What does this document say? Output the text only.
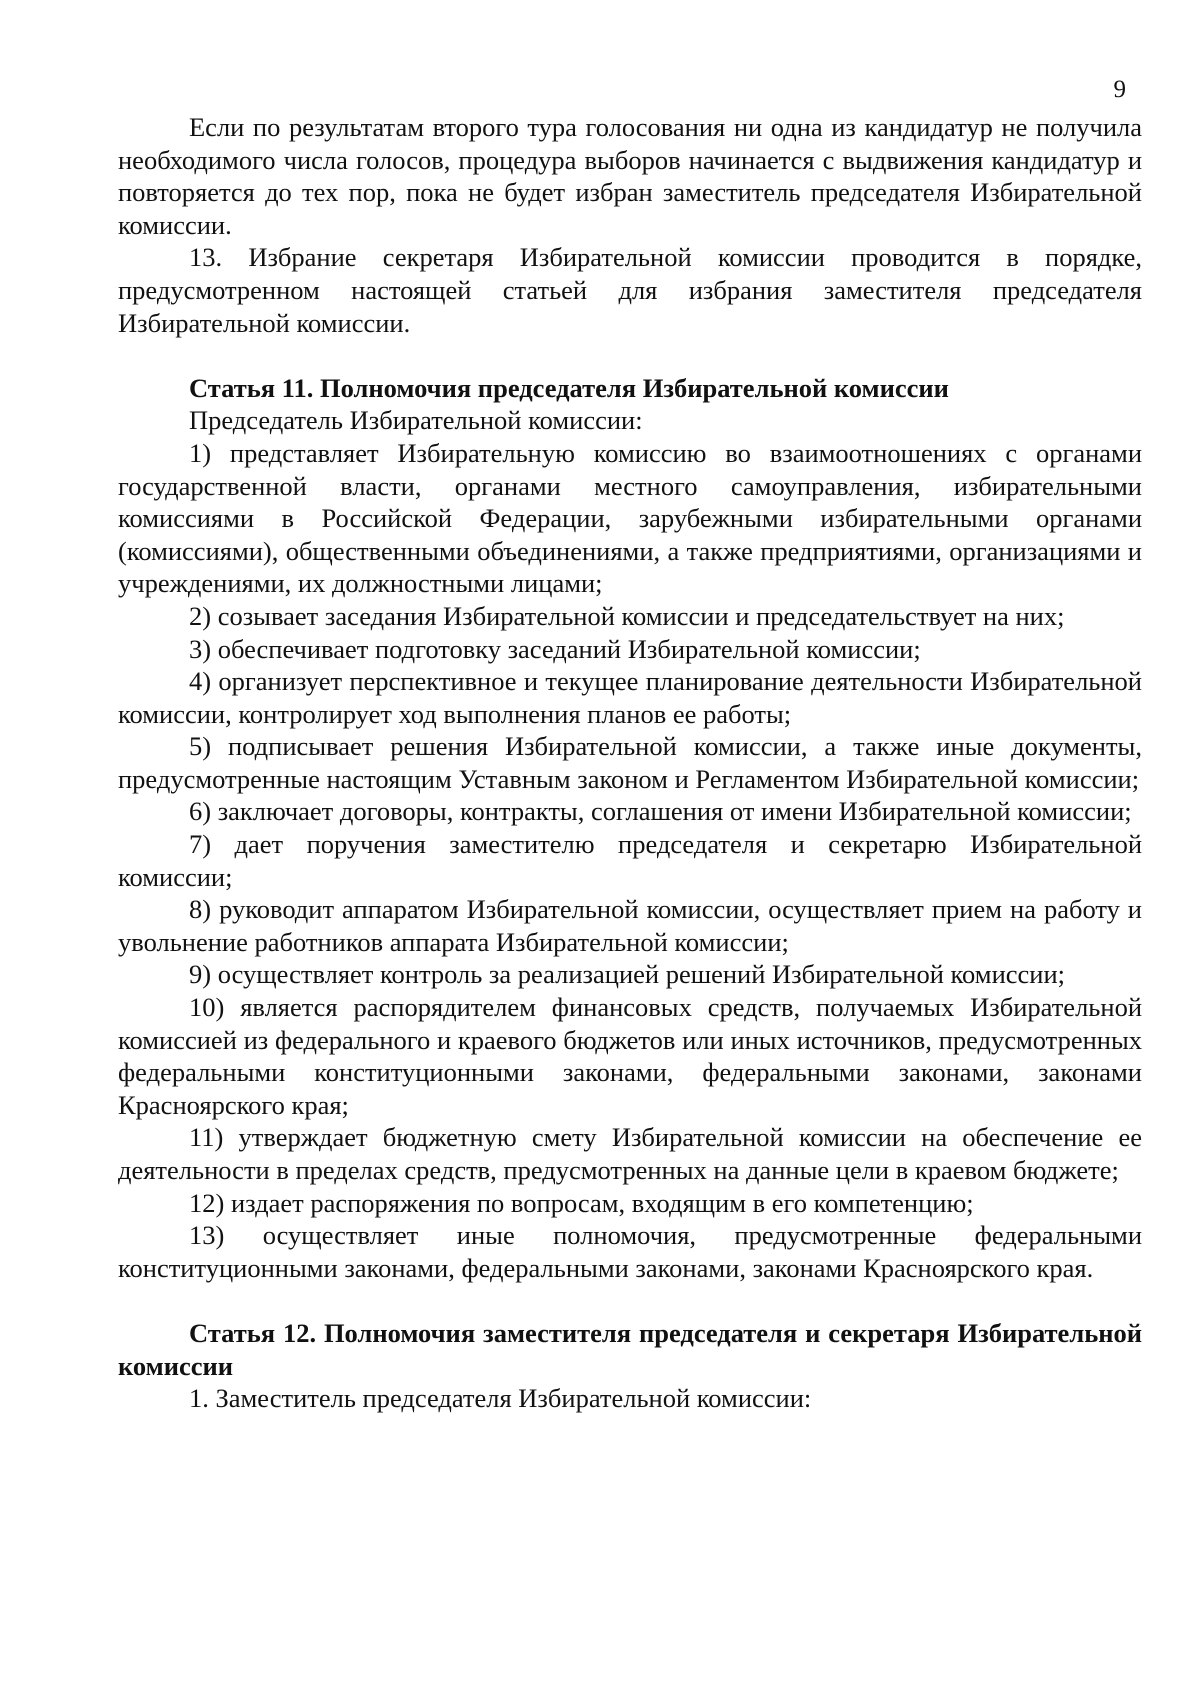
9

Если по результатам второго тура голосования ни одна из кандидатур не получила необходимого числа голосов, процедура выборов начинается с выдвижения кандидатур и повторяется до тех пор, пока не будет избран заместитель председателя Избирательной комиссии.

13. Избрание секретаря Избирательной комиссии проводится в порядке, предусмотренном настоящей статьей для избрания заместителя председателя Избирательной комиссии.

Статья 11. Полномочия председателя Избирательной комиссии

Председатель Избирательной комиссии:

1) представляет Избирательную комиссию во взаимоотношениях с органами государственной власти, органами местного самоуправления, избирательными комиссиями в Российской Федерации, зарубежными избирательными органами (комиссиями), общественными объединениями, а также предприятиями, организациями и учреждениями, их должностными лицами;

2) созывает заседания Избирательной комиссии и председательствует на них;

3) обеспечивает подготовку заседаний Избирательной комиссии;

4) организует перспективное и текущее планирование деятельности Избирательной комиссии, контролирует ход выполнения планов ее работы;

5) подписывает решения Избирательной комиссии, а также иные документы, предусмотренные настоящим Уставным законом и Регламентом Избирательной комиссии;

6) заключает договоры, контракты, соглашения от имени Избирательной комиссии;

7) дает поручения заместителю председателя и секретарю Избирательной комиссии;

8) руководит аппаратом Избирательной комиссии, осуществляет прием на работу и увольнение работников аппарата Избирательной комиссии;

9) осуществляет контроль за реализацией решений Избирательной комиссии;

10) является распорядителем финансовых средств, получаемых Избирательной комиссией из федерального и краевого бюджетов или иных источников, предусмотренных федеральными конституционными законами, федеральными законами, законами Красноярского края;

11) утверждает бюджетную смету Избирательной комиссии на обеспечение ее деятельности в пределах средств, предусмотренных на данные цели в краевом бюджете;

12) издает распоряжения по вопросам, входящим в его компетенцию;

13) осуществляет иные полномочия, предусмотренные федеральными конституционными законами, федеральными законами, законами Красноярского края.

Статья 12. Полномочия заместителя председателя и секретаря Избирательной комиссии

1. Заместитель председателя Избирательной комиссии:
